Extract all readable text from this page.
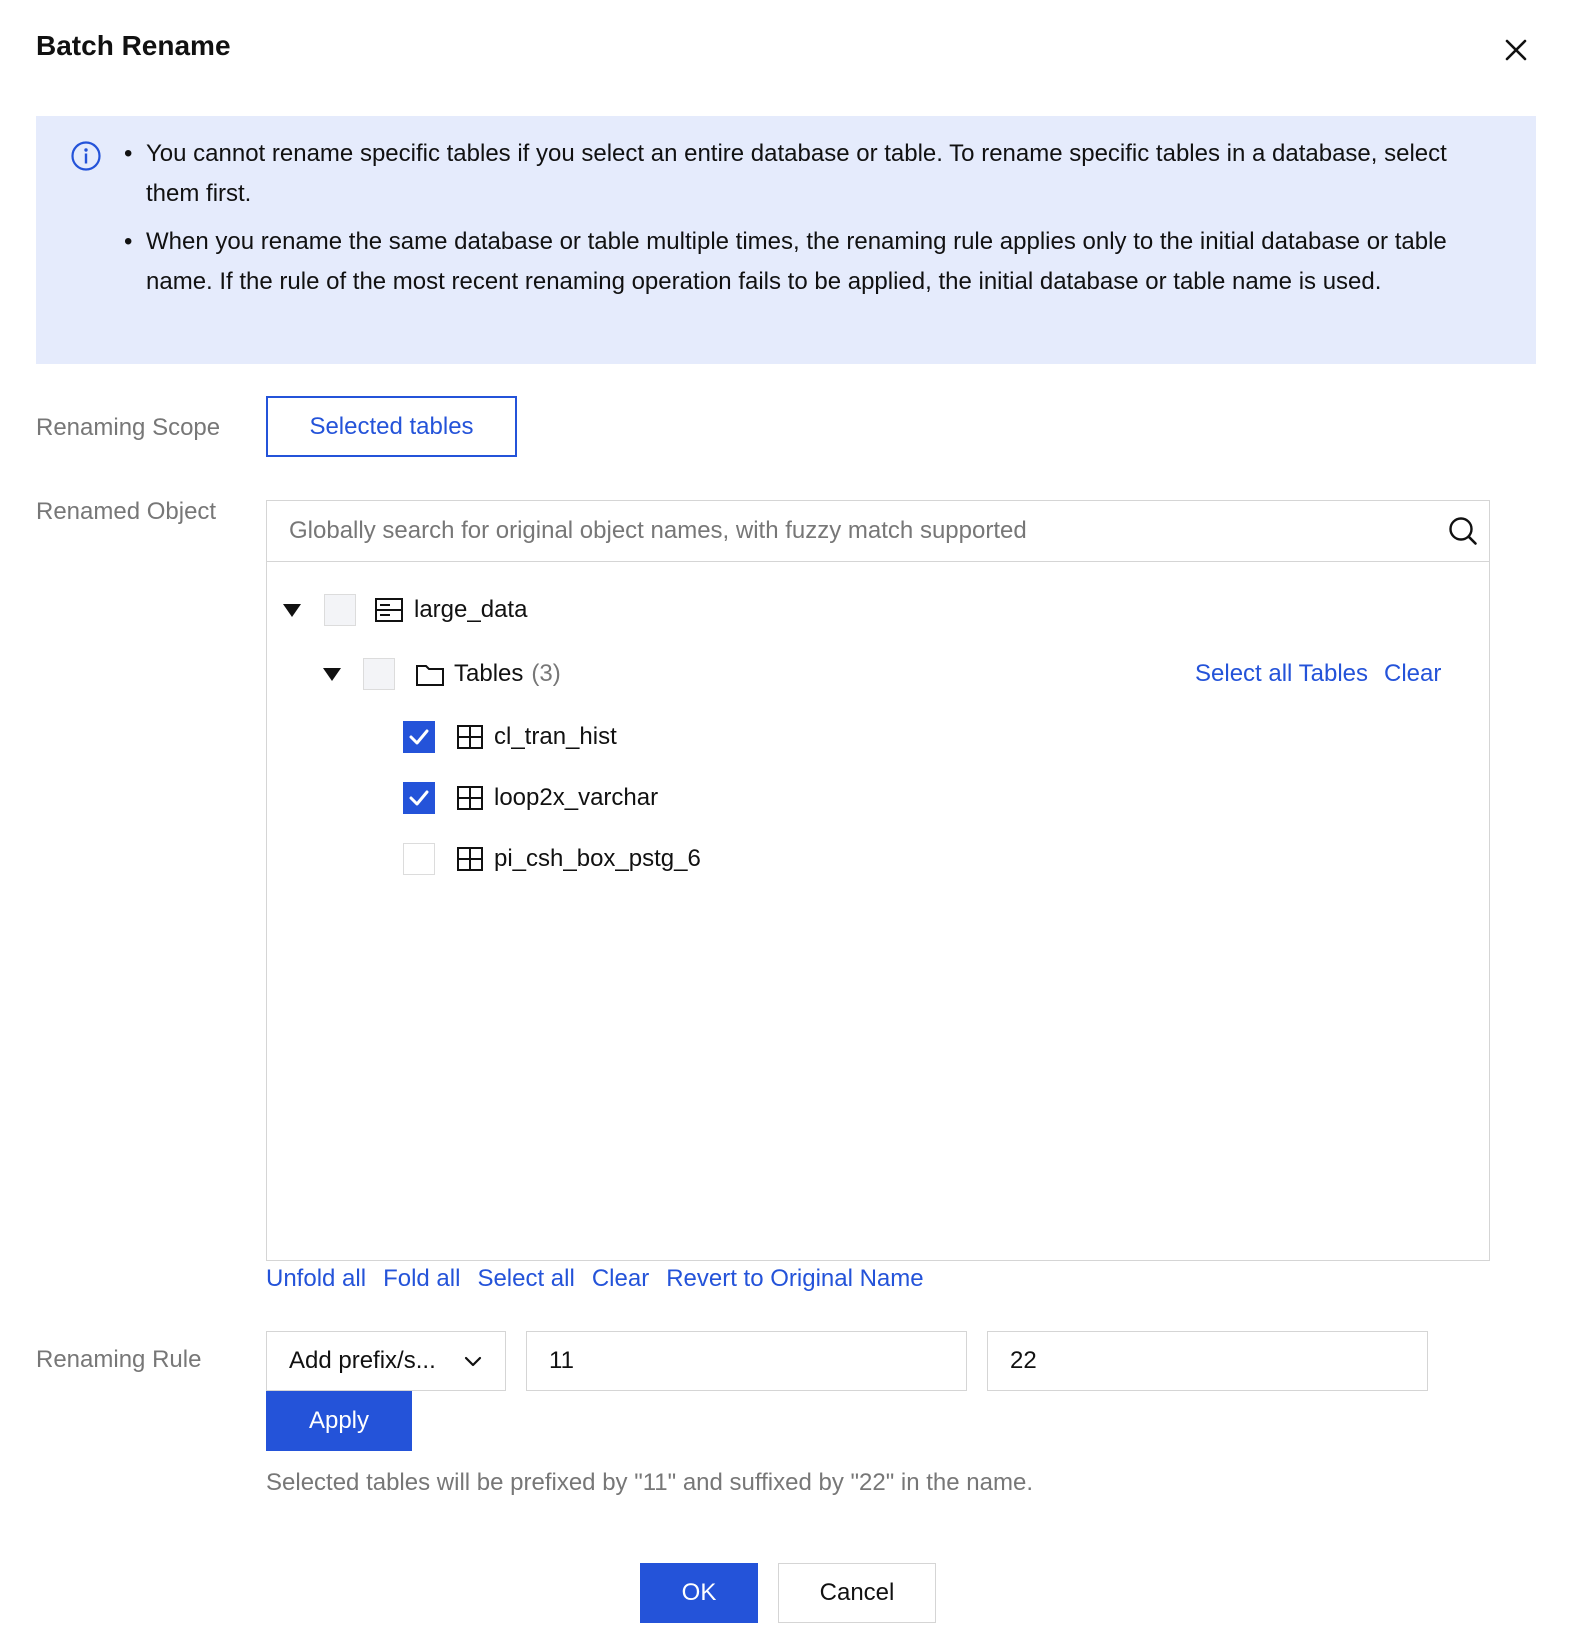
Batch Rename
• You cannot rename specific tables if you select an entire database or table. To rename specific tables in a database, select them first.
• When you rename the same database or table multiple times, the renaming rule applies only to the initial database or table name. If the rule of the most recent renaming operation fails to be applied, the initial database or table name is used.
Renaming Scope	Selected tables
Renamed Object
Globally search for original object names, with fuzzy match supported
large_data
Tables (3)	Select all Tables Clear
cl_tran_hist
loop2x_varchar
pi_csh_box_pstg_6
Unfold all Fold all Select all Clear Revert to Original Name
Renaming Rule	Add prefix/s...
11
22
Apply
Selected tables will be prefixed by "11" and suffixed by "22" in the name.
OK	Cancel
